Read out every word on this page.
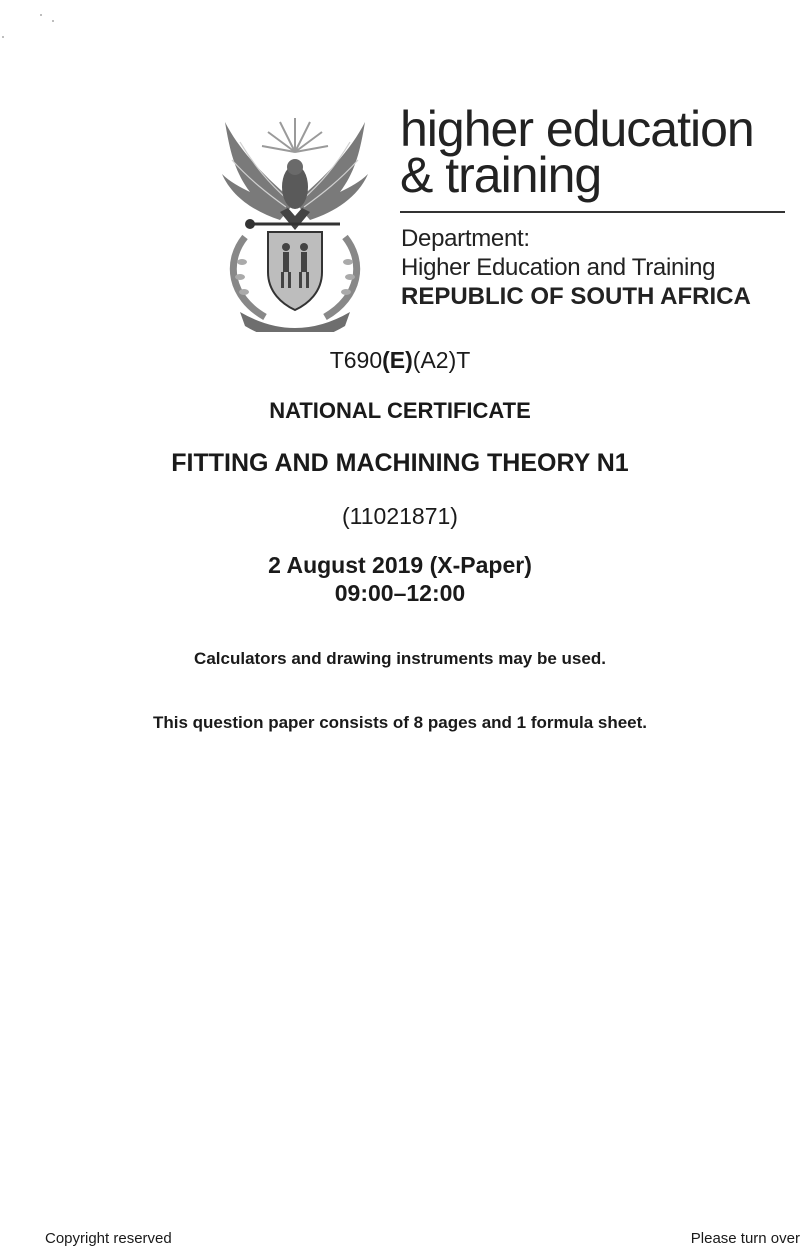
higher education
& training
Department:
Higher Education and Training
REPUBLIC OF SOUTH AFRICA
T690(E)(A2)T
NATIONAL CERTIFICATE
FITTING AND MACHINING THEORY N1
(11021871)
2 August 2019 (X-Paper)
09:00–12:00
Calculators and drawing instruments may be used.
This question paper consists of 8 pages and 1 formula sheet.
Copyright reserved	Please turn over
